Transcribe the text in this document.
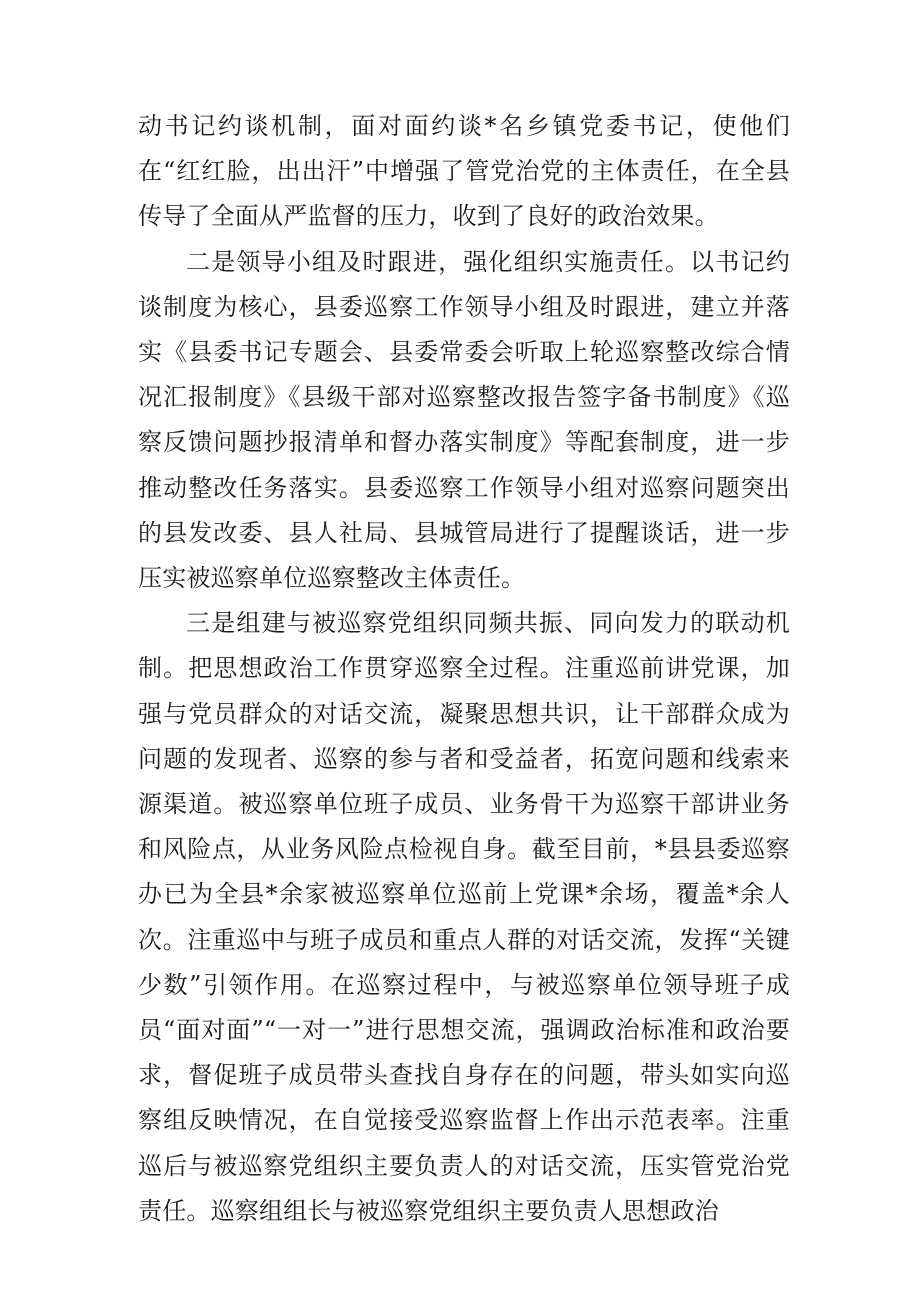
动书记约谈机制，面对面约谈*名乡镇党委书记，使他们在“红红脸，出出汗”中增强了管党治党的主体责任，在全县传导了全面从严监督的压力，收到了良好的政治效果。

二是领导小组及时跟进，强化组织实施责任。以书记约谈制度为核心，县委巡察工作领导小组及时跟进，建立并落实《县委书记专题会、县委常委会听取上轮巡察整改综合情况汇报制度》《县级干部对巡察整改报告签字备书制度》《巡察反馈问题抄报清单和督办落实制度》等配套制度，进一步推动整改任务落实。县委巡察工作领导小组对巡察问题突出的县发改委、县人社局、县城管局进行了提醒谈话，进一步压实被巡察单位巡察整改主体责任。

三是组建与被巡察党组织同频共振、同向发力的联动机制。把思想政治工作贯穿巡察全过程。注重巡前讲党课，加强与党员群众的对话交流，凝聚思想共识，让干部群众成为问题的发现者、巡察的参与者和受益者，拓宽问题和线索来源渠道。被巡察单位班子成员、业务骨干为巡察干部讲业务和风险点，从业务风险点检视自身。截至目前，*县县委巡察办已为全县*余家被巡察单位巡前上党课*余场，覆盖*余人次。注重巡中与班子成员和重点人群的对话交流，发挥“关键少数”引领作用。在巡察过程中，与被巡察单位领导班子成员“面对面”“一对一”进行思想交流，强调政治标准和政治要求，督促班子成员带头查找自身存在的问题，带头如实向巡察组反映情况，在自觉接受巡察监督上作出示范表率。注重巡后与被巡察党组织主要负责人的对话交流，压实管党治党责任。巡察组组长与被巡察党组织主要负责人思想政治
